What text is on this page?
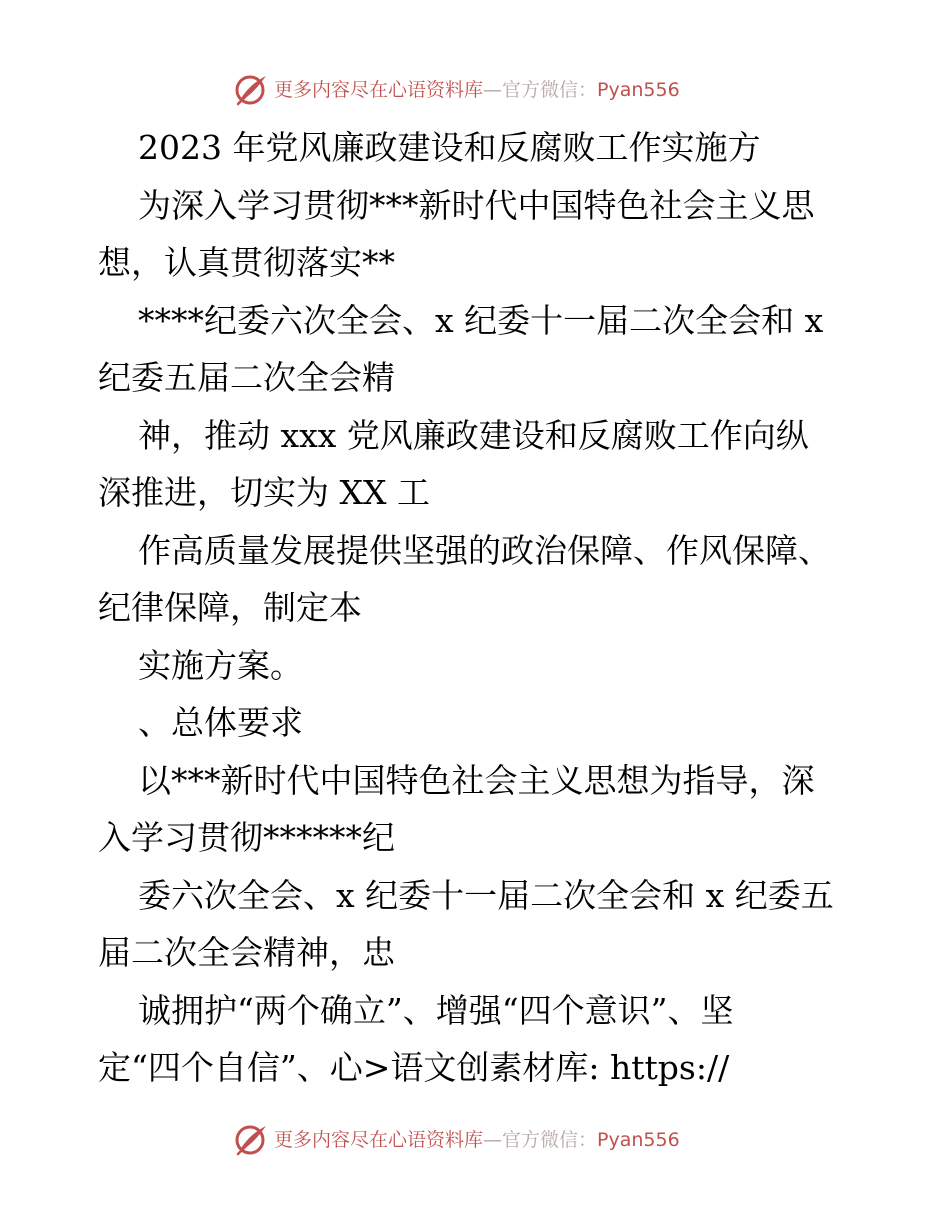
更多内容尽在心语资料库—官方微信：Pyan556
2023 年党风廉政建设和反腐败工作实施方
为深入学习贯彻***新时代中国特色社会主义思
想，认真贯彻落实**
****纪委六次全会、x 纪委十一届二次全会和 x
纪委五届二次全会精
神，推动 xxx 党风廉政建设和反腐败工作向纵
深推进，切实为 XX 工
作高质量发展提供坚强的政治保障、作风保障、
纪律保障，制定本
实施方案。
、总体要求
以***新时代中国特色社会主义思想为指导，深
入学习贯彻******纪
委六次全会、x 纪委十一届二次全会和 x 纪委五
届二次全会精神，忠
诚拥护“两个确立”、增强“四个意识”、坚
定“四个自信”、心>语文创素材库: https://
更多内容尽在心语资料库—官方微信：Pyan556
